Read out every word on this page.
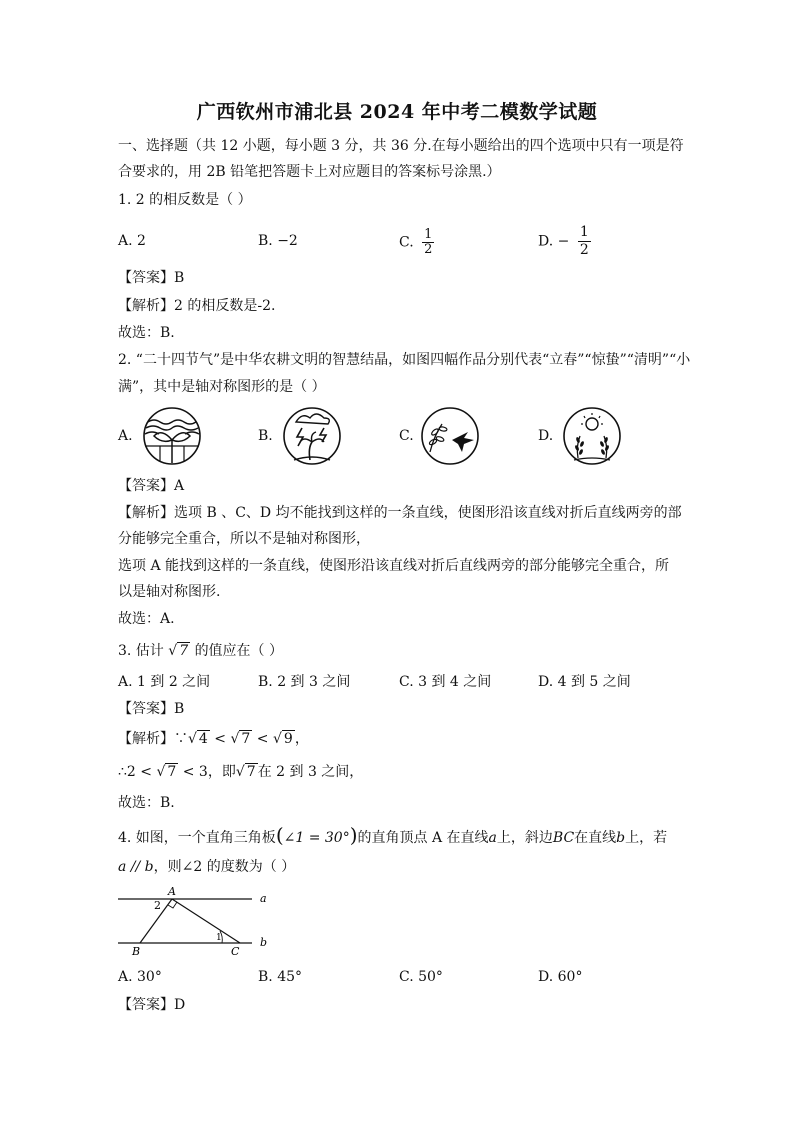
广西钦州市浦北县 2024 年中考二模数学试题
一、选择题（共 12 小题，每小题 3 分，共 36 分.在每小题给出的四个选项中只有一项是符
合要求的，用 2B 铅笔把答题卡上对应题目的答案标号涂黑.）
1. 2 的相反数是（ ）
A. 2	B. −2	C. $\frac{1}{2}$	D. − $\frac{1}{2}$
【答案】B
【解析】2 的相反数是-2.
故选：B.
2. “二十四节气”是中华农耕文明的智慧结晶，如图四幅作品分别代表“立春”“惊蛰”“清明”“小
满”，其中是轴对称图形的是（ ）
A.	B.	C.	D.
【答案】A
【解析】选项 B 、C、D 均不能找到这样的一条直线，使图形沿该直线对折后直线两旁的部
分能够完全重合，所以不是轴对称图形，
选项 A 能找到这样的一条直线，使图形沿该直线对折后直线两旁的部分能够完全重合，所
以是轴对称图形.
故选：A.
3. 估计 √ 7 的值应在（ ）
A. 1 到 2 之间	B. 2 到 3 之间	C. 3 到 4 之间	D. 4 到 5 之间
【答案】B
【解析】∵√ 4 < √ 7 < √ 9 ，
∴2 < √ 7 < 3，即√ 7 在 2 到 3 之间，
故选：B.
4. 如图，一个直角三角板(∠1 = 30°)的直角顶点 A 在直线a上，斜边BC在直线b上，若
a // b，则∠2 的度数为（ ）
A
2
1
B	C
a
b
A. 30°	B. 45°	C. 50°	D. 60°
【答案】D
